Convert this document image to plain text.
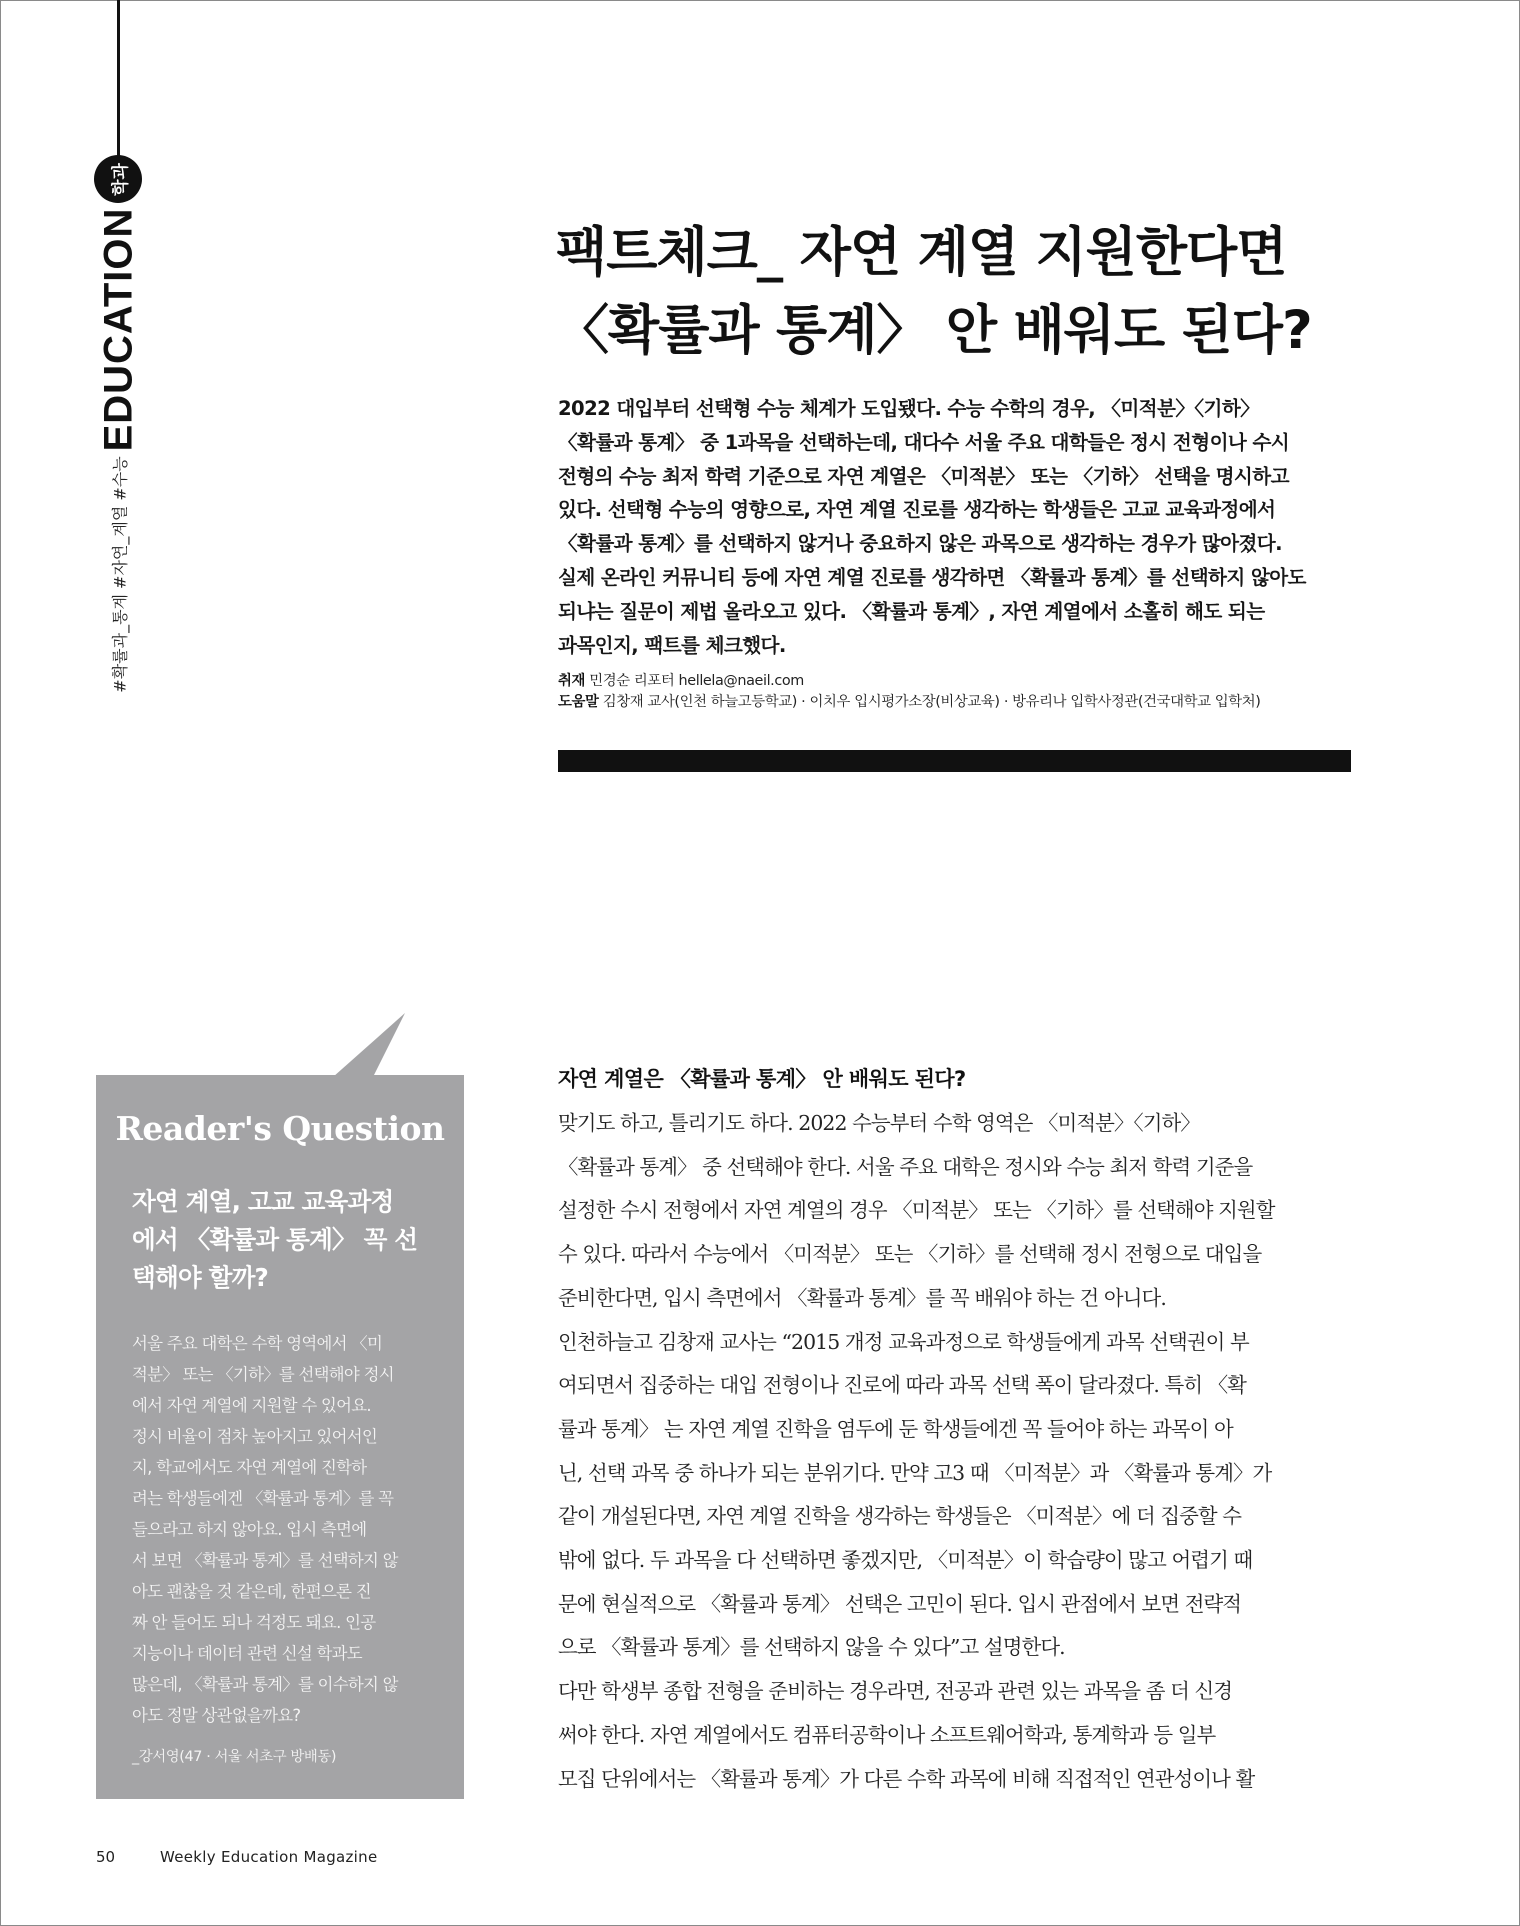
학과
EDUCATION
#확률과_통계 #자연_계열 #수능
팩트체크_ 자연 계열 지원한다면
〈확률과 통계〉 안 배워도 된다?
2022 대입부터 선택형 수능 체계가 도입됐다. 수능 수학의 경우, 〈미적분〉〈기하〉
〈확률과 통계〉 중 1과목을 선택하는데, 대다수 서울 주요 대학들은 정시 전형이나 수시
전형의 수능 최저 학력 기준으로 자연 계열은 〈미적분〉 또는 〈기하〉 선택을 명시하고
있다. 선택형 수능의 영향으로, 자연 계열 진로를 생각하는 학생들은 고교 교육과정에서
〈확률과 통계〉를 선택하지 않거나 중요하지 않은 과목으로 생각하는 경우가 많아졌다.
실제 온라인 커뮤니티 등에 자연 계열 진로를 생각하면 〈확률과 통계〉를 선택하지 않아도
되냐는 질문이 제법 올라오고 있다. 〈확률과 통계〉, 자연 계열에서 소홀히 해도 되는
과목인지, 팩트를 체크했다.
취재 민경순 리포터 hellela@naeil.com
도움말 김창재 교사(인천 하늘고등학교) · 이치우 입시평가소장(비상교육) · 방유리나 입학사정관(건국대학교 입학처)
Reader's Question
자연 계열, 고교 교육과정
에서 〈확률과 통계〉 꼭 선
택해야 할까?
서울 주요 대학은 수학 영역에서 〈미
적분〉 또는 〈기하〉를 선택해야 정시
에서 자연 계열에 지원할 수 있어요.
정시 비율이 점차 높아지고 있어서인
지, 학교에서도 자연 계열에 진학하
려는 학생들에겐 〈확률과 통계〉를 꼭
들으라고 하지 않아요. 입시 측면에
서 보면 〈확률과 통계〉를 선택하지 않
아도 괜찮을 것 같은데, 한편으론 진
짜 안 들어도 되나 걱정도 돼요. 인공
지능이나 데이터 관련 신설 학과도
많은데, 〈확률과 통계〉를 이수하지 않
아도 정말 상관없을까요?
_강서영(47 · 서울 서초구 방배동)
자연 계열은 〈확률과 통계〉 안 배워도 된다?
맞기도 하고, 틀리기도 하다. 2022 수능부터 수학 영역은 〈미적분〉〈기하〉
〈확률과 통계〉 중 선택해야 한다. 서울 주요 대학은 정시와 수능 최저 학력 기준을
설정한 수시 전형에서 자연 계열의 경우 〈미적분〉 또는 〈기하〉를 선택해야 지원할
수 있다. 따라서 수능에서 〈미적분〉 또는 〈기하〉를 선택해 정시 전형으로 대입을
준비한다면, 입시 측면에서 〈확률과 통계〉를 꼭 배워야 하는 건 아니다.
인천하늘고 김창재 교사는 “2015 개정 교육과정으로 학생들에게 과목 선택권이 부
여되면서 집중하는 대입 전형이나 진로에 따라 과목 선택 폭이 달라졌다. 특히 〈확
률과 통계〉 는 자연 계열 진학을 염두에 둔 학생들에겐 꼭 들어야 하는 과목이 아
닌, 선택 과목 중 하나가 되는 분위기다. 만약 고3 때 〈미적분〉과 〈확률과 통계〉가
같이 개설된다면, 자연 계열 진학을 생각하는 학생들은 〈미적분〉에 더 집중할 수
밖에 없다. 두 과목을 다 선택하면 좋겠지만, 〈미적분〉이 학습량이 많고 어렵기 때
문에 현실적으로 〈확률과 통계〉 선택은 고민이 된다. 입시 관점에서 보면 전략적
으로 〈확률과 통계〉를 선택하지 않을 수 있다”고 설명한다.
다만 학생부 종합 전형을 준비하는 경우라면, 전공과 관련 있는 과목을 좀 더 신경
써야 한다. 자연 계열에서도 컴퓨터공학이나 소프트웨어학과, 통계학과 등 일부
모집 단위에서는 〈확률과 통계〉가 다른 수학 과목에 비해 직접적인 연관성이나 활
50	Weekly Education Magazine
